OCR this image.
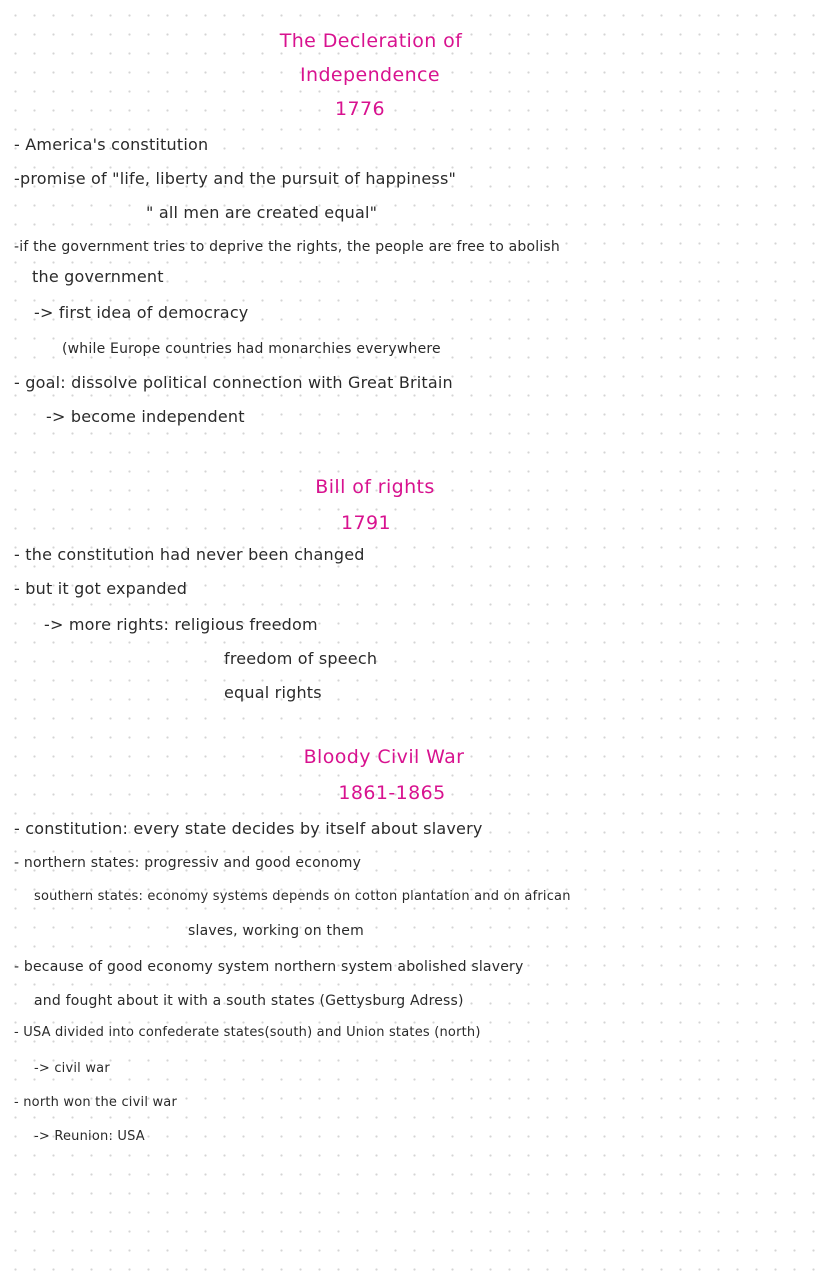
The Decleration of
Independence
1776
- America's constitution
-promise of "life, liberty and the pursuit of happiness"
" all men are created equal"
-if the government tries to deprive the rights, the people are free to abolish
the government
-> first idea of democracy
(while Europe countries had monarchies everywhere
- goal: dissolve political connection with Great Britain
-> become independent
Bill of rights
1791
- the constitution had never been changed
- but it got expanded
-> more rights: religious freedom
freedom of speech
equal rights
Bloody Civil War
1861-1865
- constitution: every state decides by itself about slavery
- northern states: progressiv and good economy
southern states: economy systems depends on cotton plantation and on african
slaves, working on them
- because of good economy system northern system abolished slavery
and fought about it with a south states (Gettysburg Adress)
- USA divided into confederate states(south) and Union states (north)
-> civil war
- north won the civil war
-> Reunion: USA
